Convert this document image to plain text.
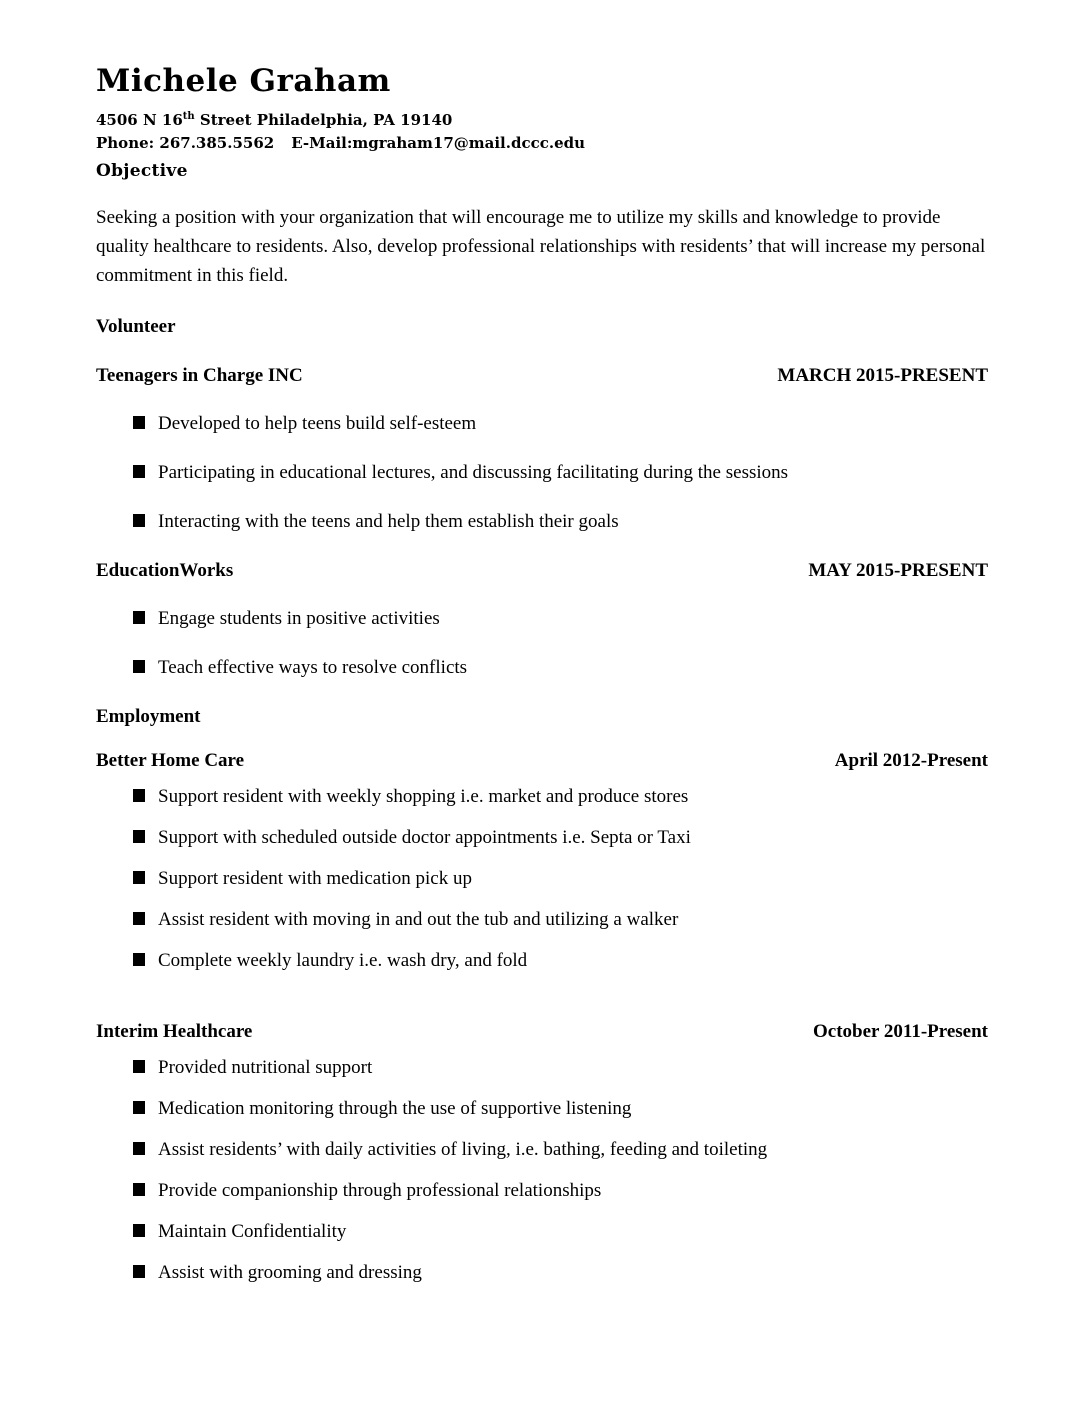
Michele Graham

4506 N 16th Street Philadelphia, PA 19140

Phone: 267.385.5562 E-Mail:mgraham17@mail.dccc.edu

Objective

Seeking a position with your organization that will encourage me to utilize my skills and knowledge to provide quality healthcare to residents. Also, develop professional relationships with residents’ that will increase my personal commitment in this field.

Volunteer
Teenagers in Charge INC	MARCH 2015-PRESENT
Developed to help teens build self-esteem
Participating in educational lectures, and discussing facilitating during the sessions
Interacting with the teens and help them establish their goals
EducationWorks	MAY 2015-PRESENT
Engage students in positive activities
Teach effective ways to resolve conflicts
Employment
Better Home Care	April 2012-Present
Support resident with weekly shopping i.e. market and produce stores
Support with scheduled outside doctor appointments i.e. Septa or Taxi
Support resident with medication pick up
Assist resident with moving in and out the tub and utilizing a walker
Complete weekly laundry i.e. wash dry, and fold
Interim Healthcare	October 2011-Present
Provided nutritional support
Medication monitoring through the use of supportive listening
Assist residents’ with daily activities of living, i.e. bathing, feeding and toileting
Provide companionship through professional relationships
Maintain Confidentiality
Assist with grooming and dressing
